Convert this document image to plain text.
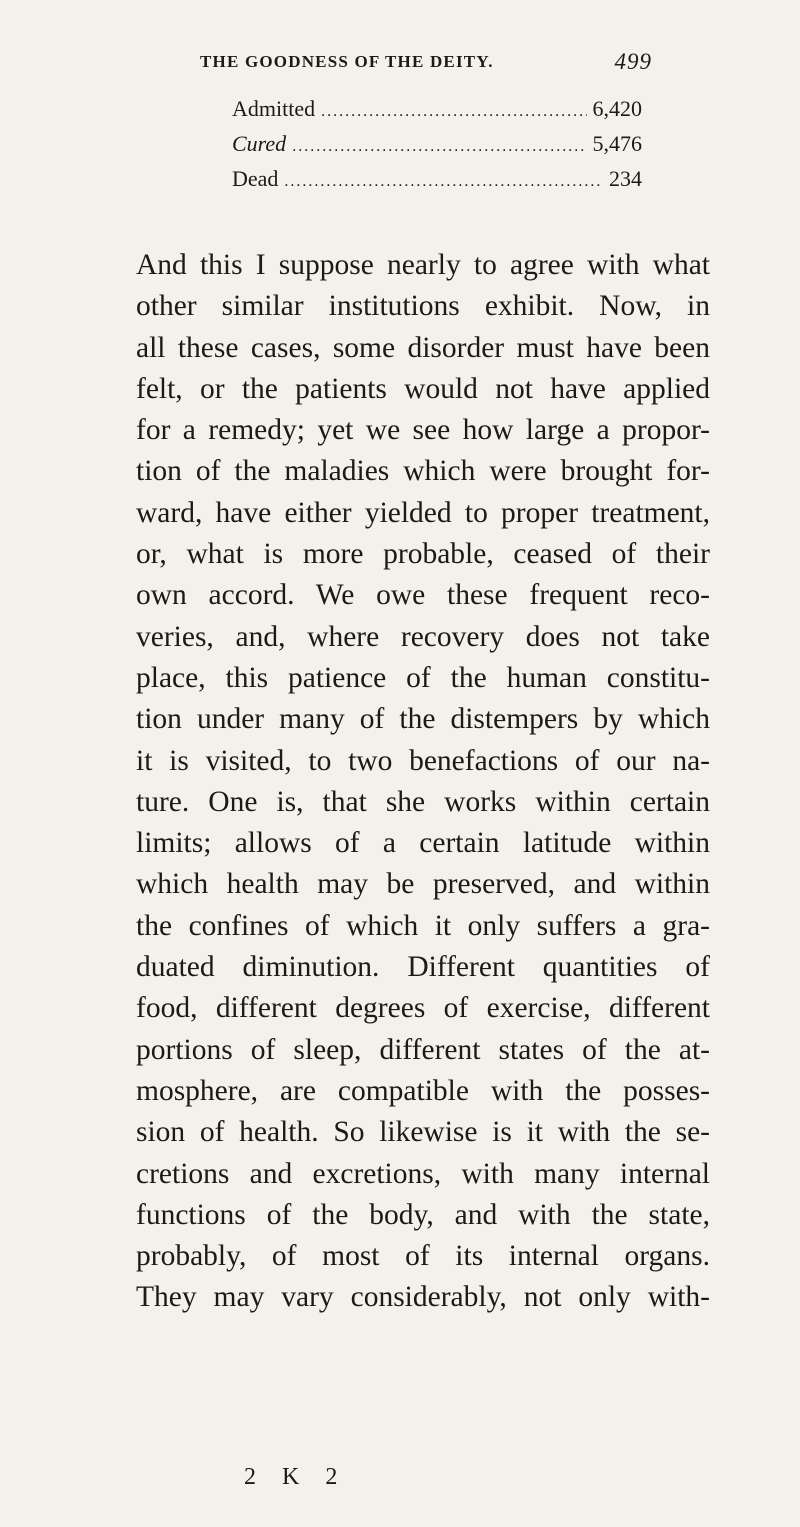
THE GOODNESS OF THE DEITY.	499
Admitted .....	6,420
Cured .....	5,476
Dead .....	234
And this I suppose nearly to agree with what
other similar institutions exhibit. Now, in
all these cases, some disorder must have been
felt, or the patients would not have applied
for a remedy; yet we see how large a propor-
tion of the maladies which were brought for-
ward, have either yielded to proper treatment,
or, what is more probable, ceased of their
own accord. We owe these frequent reco-
veries, and, where recovery does not take
place, this patience of the human constitu-
tion under many of the distempers by which
it is visited, to two benefactions of our na-
ture. One is, that she works within certain
limits; allows of a certain latitude within
which health may be preserved, and within
the confines of which it only suffers a gra-
duated diminution. Different quantities of
food, different degrees of exercise, different
portions of sleep, different states of the at-
mosphere, are compatible with the posses-
sion of health. So likewise is it with the se-
cretions and excretions, with many internal
functions of the body, and with the state,
probably, of most of its internal organs.
They may vary considerably, not only with-
2 K 2
